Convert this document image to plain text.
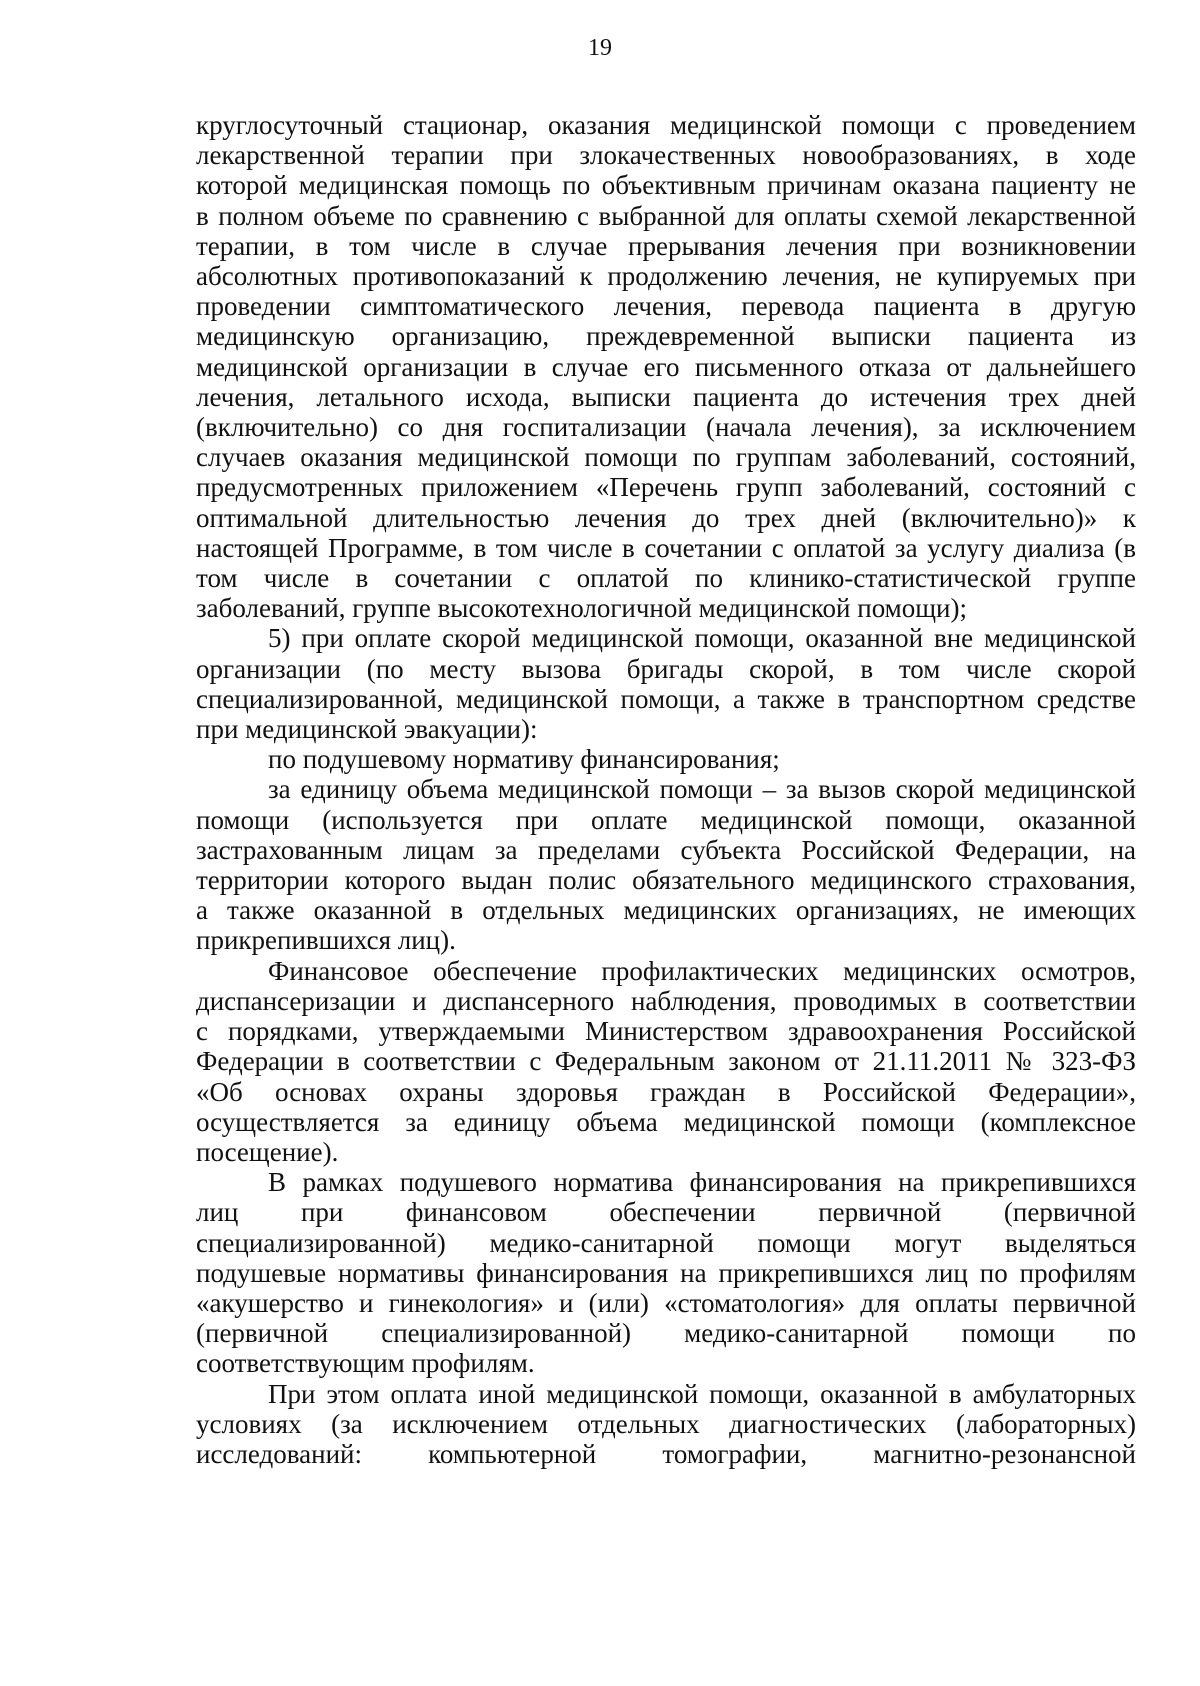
19
круглосуточный стационар, оказания медицинской помощи с проведением
лекарственной терапии при злокачественных новообразованиях, в ходе
которой медицинская помощь по объективным причинам оказана пациенту не
в полном объеме по сравнению с выбранной для оплаты схемой лекарственной
терапии, в том числе в случае прерывания лечения при возникновении
абсолютных противопоказаний к продолжению лечения, не купируемых при
проведении симптоматического лечения, перевода пациента в другую
медицинскую организацию, преждевременной выписки пациента из
медицинской организации в случае его письменного отказа от дальнейшего
лечения, летального исхода, выписки пациента до истечения трех дней
(включительно) со дня госпитализации (начала лечения), за исключением
случаев оказания медицинской помощи по группам заболеваний, состояний,
предусмотренных приложением «Перечень групп заболеваний, состояний с
оптимальной длительностью лечения до трех дней (включительно)» к
настоящей Программе, в том числе в сочетании с оплатой за услугу диализа (в
том числе в сочетании с оплатой по клинико-статистической группе
заболеваний, группе высокотехнологичной медицинской помощи);
5) при оплате скорой медицинской помощи, оказанной вне медицинской
организации (по месту вызова бригады скорой, в том числе скорой
специализированной, медицинской помощи, а также в транспортном средстве
при медицинской эвакуации):
по подушевому нормативу финансирования;
за единицу объема медицинской помощи – за вызов скорой медицинской
помощи (используется при оплате медицинской помощи, оказанной
застрахованным лицам за пределами субъекта Российской Федерации, на
территории которого выдан полис обязательного медицинского страхования,
а также оказанной в отдельных медицинских организациях, не имеющих
прикрепившихся лиц).
Финансовое обеспечение профилактических медицинских осмотров,
диспансеризации и диспансерного наблюдения, проводимых в соответствии
с порядками, утверждаемыми Министерством здравоохранения Российской
Федерации в соответствии с Федеральным законом от 21.11.2011 № 323-ФЗ
«Об основах охраны здоровья граждан в Российской Федерации»,
осуществляется за единицу объема медицинской помощи (комплексное
посещение).
В рамках подушевого норматива финансирования на прикрепившихся
лиц при финансовом обеспечении первичной (первичной
специализированной) медико-санитарной помощи могут выделяться
подушевые нормативы финансирования на прикрепившихся лиц по профилям
«акушерство и гинекология» и (или) «стоматология» для оплаты первичной
(первичной специализированной) медико-санитарной помощи по
соответствующим профилям.
При этом оплата иной медицинской помощи, оказанной в амбулаторных
условиях (за исключением отдельных диагностических (лабораторных)
исследований: компьютерной томографии, магнитно-резонансной
